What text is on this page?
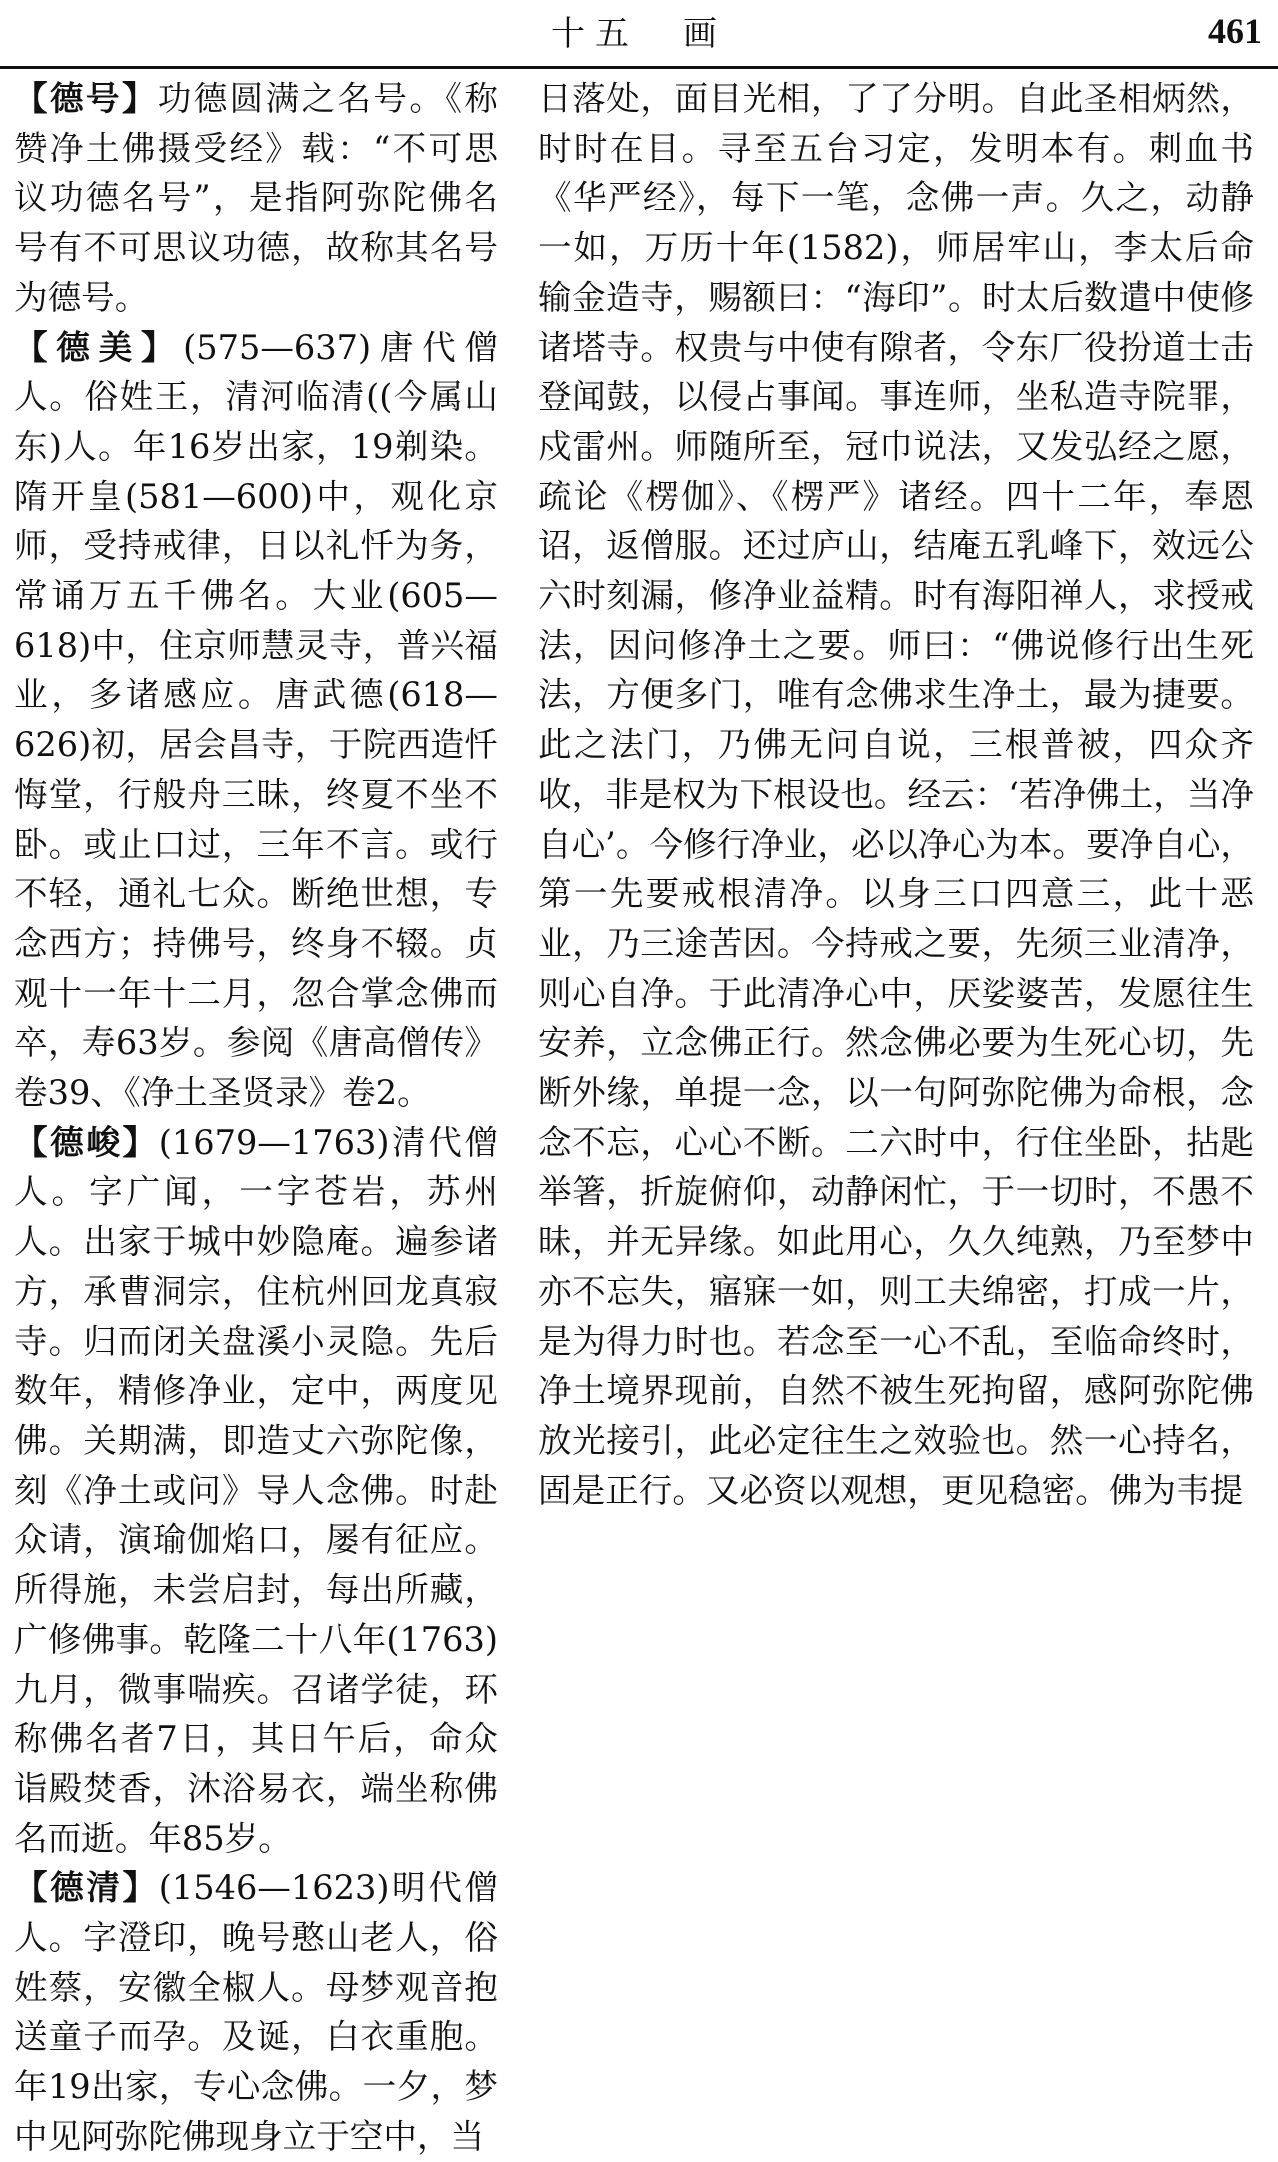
十五　画	461

【德号】功德圆满之名号。《称赞净土佛摄受经》载：“不可思议功德名号”，是指阿弥陀佛名号有不可思议功德，故称其名号为德号。

【德美】(575—637)唐代僧人。俗姓王，清河临清((今属山东)人。年16岁出家，19剃染。隋开皇(581—600)中，观化京师，受持戒律，日以礼忏为务，常诵万五千佛名。大业(605—618)中，住京师慧灵寺，普兴福业，多诸感应。唐武德(618—626)初，居会昌寺，于院西造忏悔堂，行般舟三昧，终夏不坐不卧。或止口过，三年不言。或行不轻，通礼七众。断绝世想，专念西方；持佛号，终身不辍。贞观十一年十二月，忽合掌念佛而卒，寿63岁。参阅《唐高僧传》卷39、《净土圣贤录》卷2。

【德峻】(1679—1763)清代僧人。字广闻，一字苍岩，苏州人。出家于城中妙隐庵。遍参诸方，承曹洞宗，住杭州回龙真寂寺。归而闭关盘溪小灵隐。先后数年，精修净业，定中，两度见佛。关期满，即造丈六弥陀像，刻《净土或问》导人念佛。时赴众请，演瑜伽焰口，屡有征应。所得施，未尝启封，每出所藏，广修佛事。乾隆二十八年(1763)九月，微事喘疾。召诸学徒，环称佛名者7日，其日午后，命众诣殿焚香，沐浴易衣，端坐称佛名而逝。年85岁。

【德清】(1546—1623)明代僧人。字澄印，晚号憨山老人，俗姓蔡，安徽全椒人。母梦观音抱送童子而孕。及诞，白衣重胞。年19出家，专心念佛。一夕，梦中见阿弥陀佛现身立于空中，当

日落处，面目光相，了了分明。自此圣相炳然，时时在目。寻至五台习定，发明本有。刺血书《华严经》，每下一笔，念佛一声。久之，动静一如，万历十年(1582)，师居牢山，李太后命输金造寺，赐额曰：“海印”。时太后数遣中使修诸塔寺。权贵与中使有隙者，令东厂役扮道士击登闻鼓，以侵占事闻。事连师，坐私造寺院罪，戍雷州。师随所至，冠巾说法，又发弘经之愿，疏论《楞伽》、《楞严》诸经。四十二年，奉恩诏，返僧服。还过庐山，结庵五乳峰下，效远公六时刻漏，修净业益精。时有海阳禅人，求授戒法，因问修净土之要。师曰：“佛说修行出生死法，方便多门，唯有念佛求生净土，最为捷要。此之法门，乃佛无问自说，三根普被，四众齐收，非是权为下根设也。经云：‘若净佛土，当净自心’。今修行净业，必以净心为本。要净自心，第一先要戒根清净。以身三口四意三，此十恶业，乃三途苦因。今持戒之要，先须三业清净，则心自净。于此清净心中，厌娑婆苦，发愿往生安养，立念佛正行。然念佛必要为生死心切，先断外缘，单提一念，以一句阿弥陀佛为命根，念念不忘，心心不断。二六时中，行住坐卧，拈匙举箸，折旋俯仰，动静闲忙，于一切时，不愚不昧，并无异缘。如此用心，久久纯熟，乃至梦中亦不忘失，寤寐一如，则工夫绵密，打成一片，是为得力时也。若念至一心不乱，至临命终时，净土境界现前，自然不被生死拘留，感阿弥陀佛放光接引，此必定往生之效验也。然一心持名，固是正行。又必资以观想，更见稳密。佛为韦提
